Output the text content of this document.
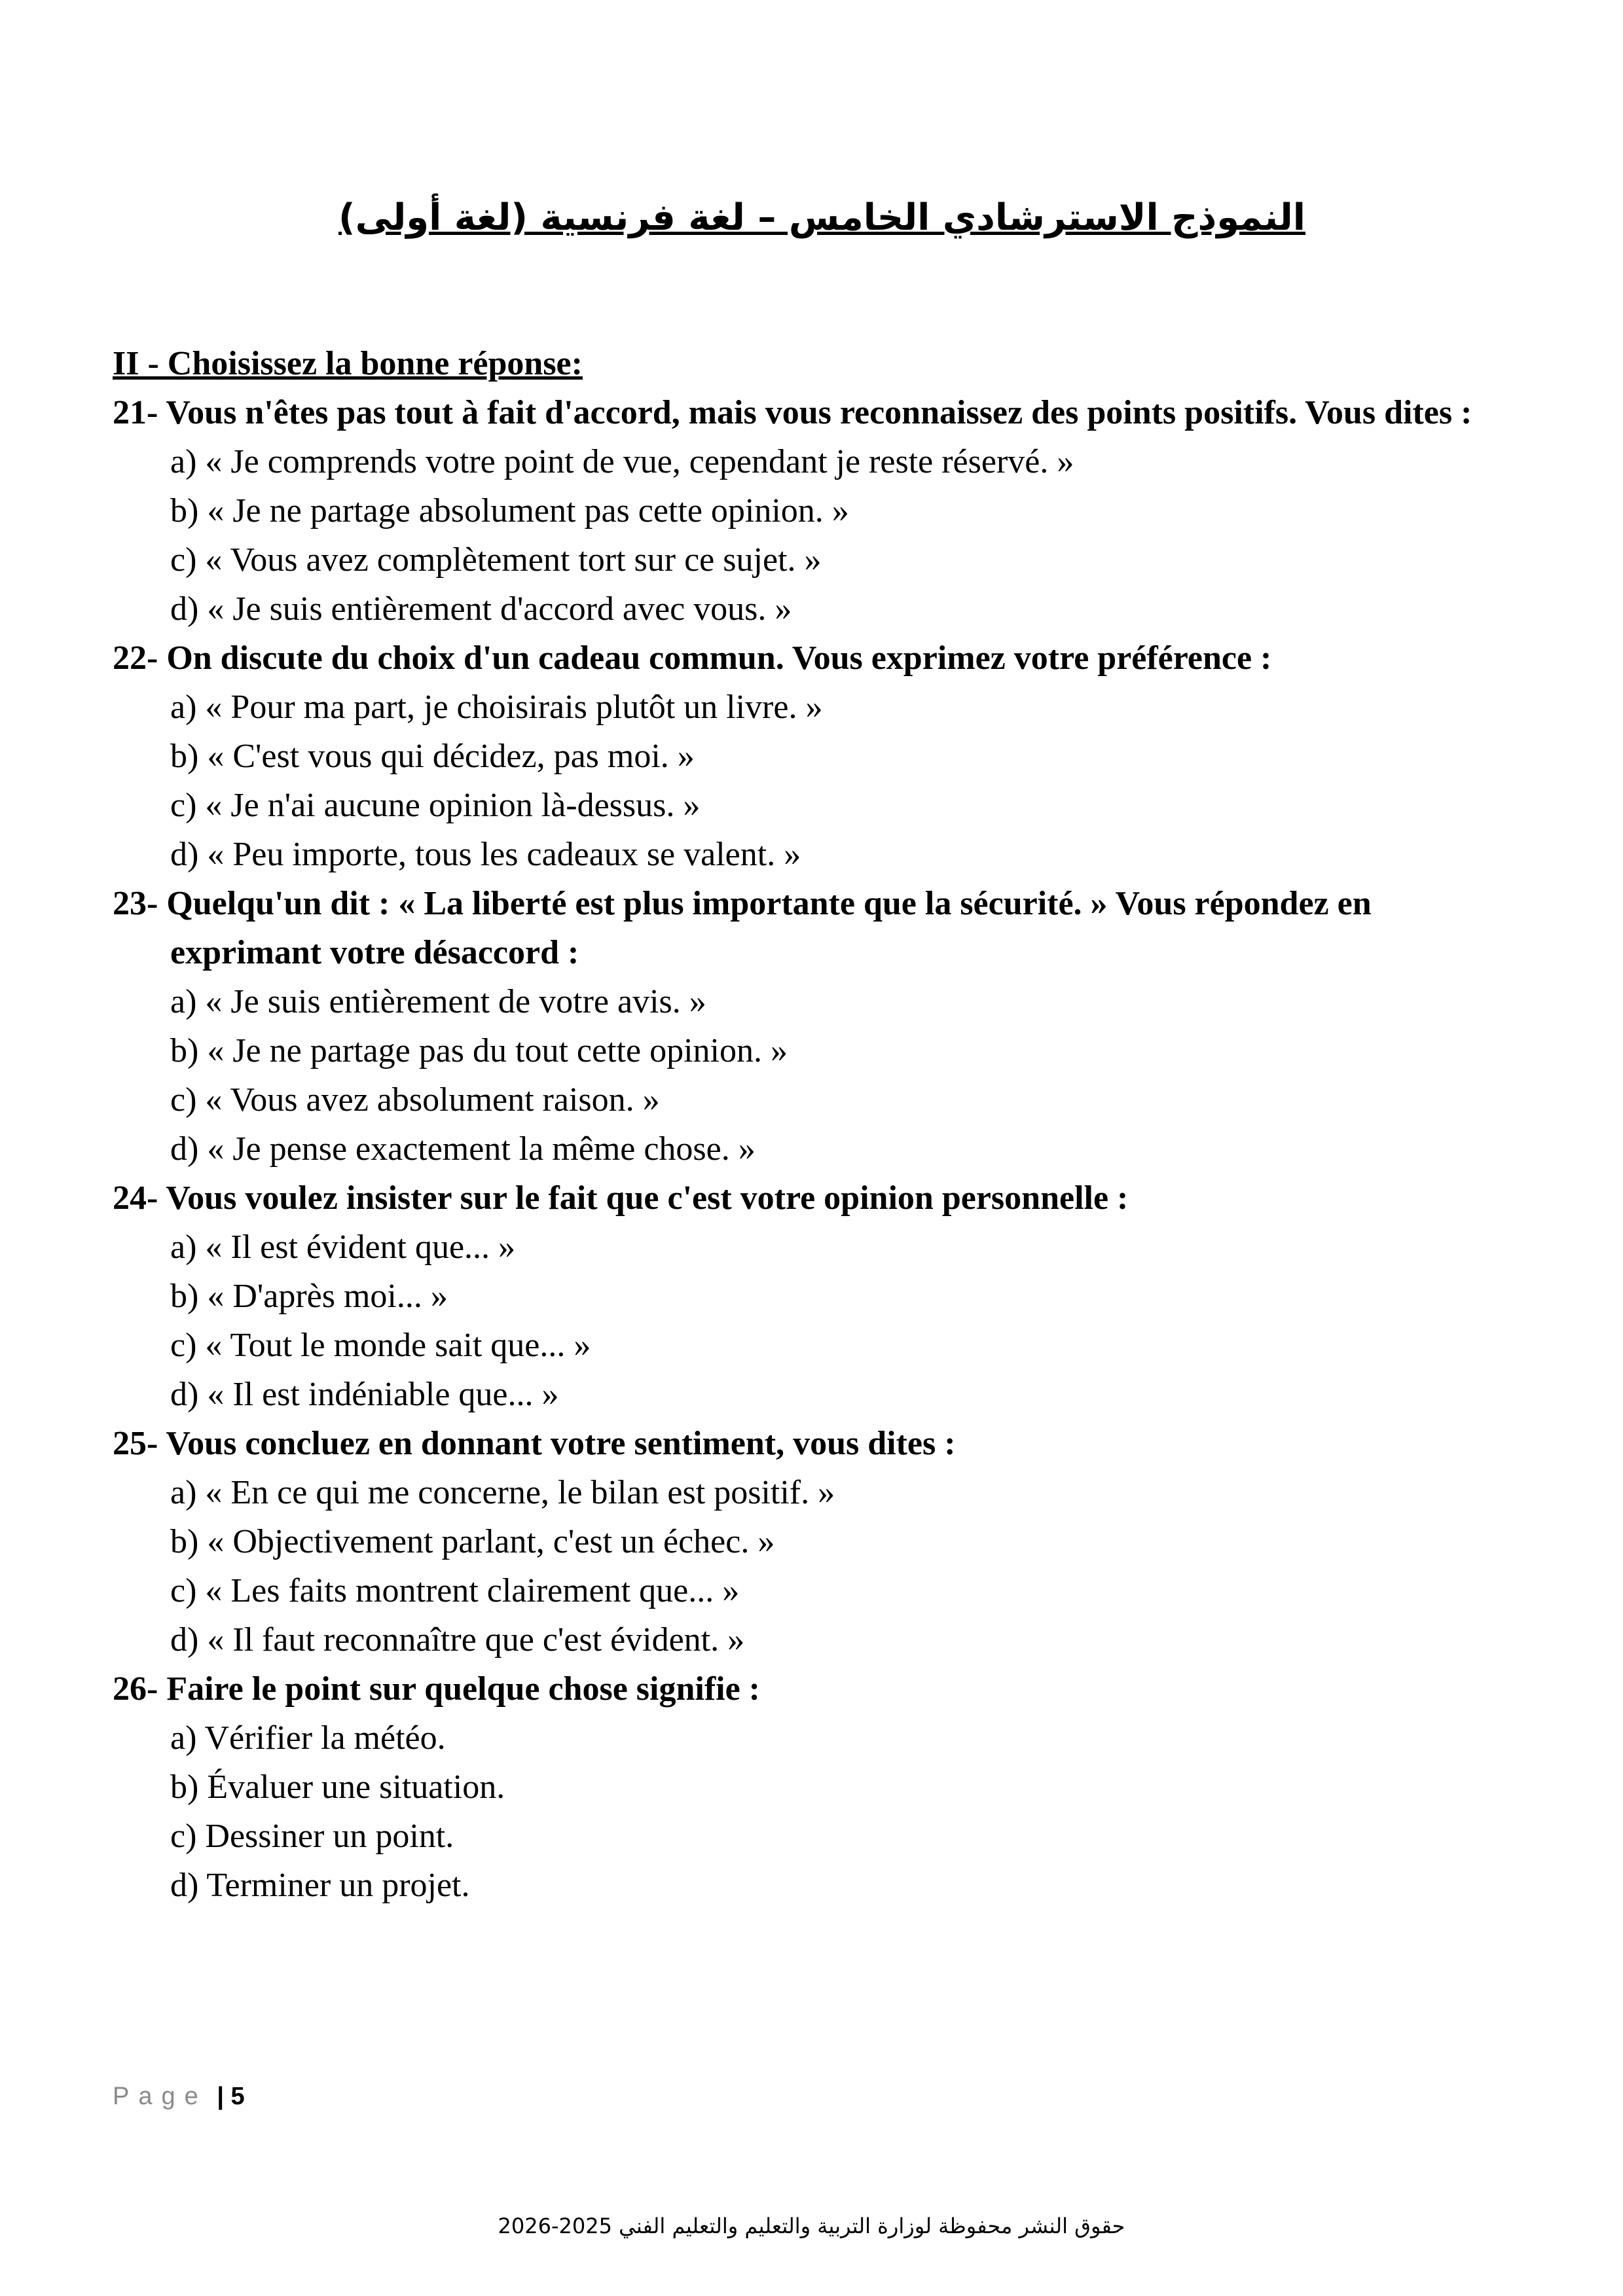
النموذج الاسترشادي الخامس – لغة فرنسية (لغة أولى)

II - Choisissez la bonne réponse:

21- Vous n'êtes pas tout à fait d'accord, mais vous reconnaissez des points positifs. Vous dites :

a) « Je comprends votre point de vue, cependant je reste réservé. »

b) « Je ne partage absolument pas cette opinion. »

c) « Vous avez complètement tort sur ce sujet. »

d) « Je suis entièrement d'accord avec vous. »

22- On discute du choix d'un cadeau commun. Vous exprimez votre préférence :

a) « Pour ma part, je choisirais plutôt un livre. »

b) « C'est vous qui décidez, pas moi. »

c) « Je n'ai aucune opinion là-dessus. »

d) « Peu importe, tous les cadeaux se valent. »

23- Quelqu'un dit : « La liberté est plus importante que la sécurité. » Vous répondez en exprimant votre désaccord :

a) « Je suis entièrement de votre avis. »

b) « Je ne partage pas du tout cette opinion. »

c) « Vous avez absolument raison. »

d) « Je pense exactement la même chose. »

24- Vous voulez insister sur le fait que c'est votre opinion personnelle :

a) « Il est évident que... »

b) « D'après moi... »

c) « Tout le monde sait que... »

d) « Il est indéniable que... »

25- Vous concluez en donnant votre sentiment, vous dites :

a) « En ce qui me concerne, le bilan est positif. »

b) « Objectivement parlant, c'est un échec. »

c) « Les faits montrent clairement que... »

d) « Il faut reconnaître que c'est évident. »

26- Faire le point sur quelque chose signifie :

a) Vérifier la météo.

b) Évaluer une situation.

c) Dessiner un point.

d) Terminer un projet.

Page | 5
حقوق النشر محفوظة لوزارة التربية والتعليم والتعليم الفني 2025-2026
